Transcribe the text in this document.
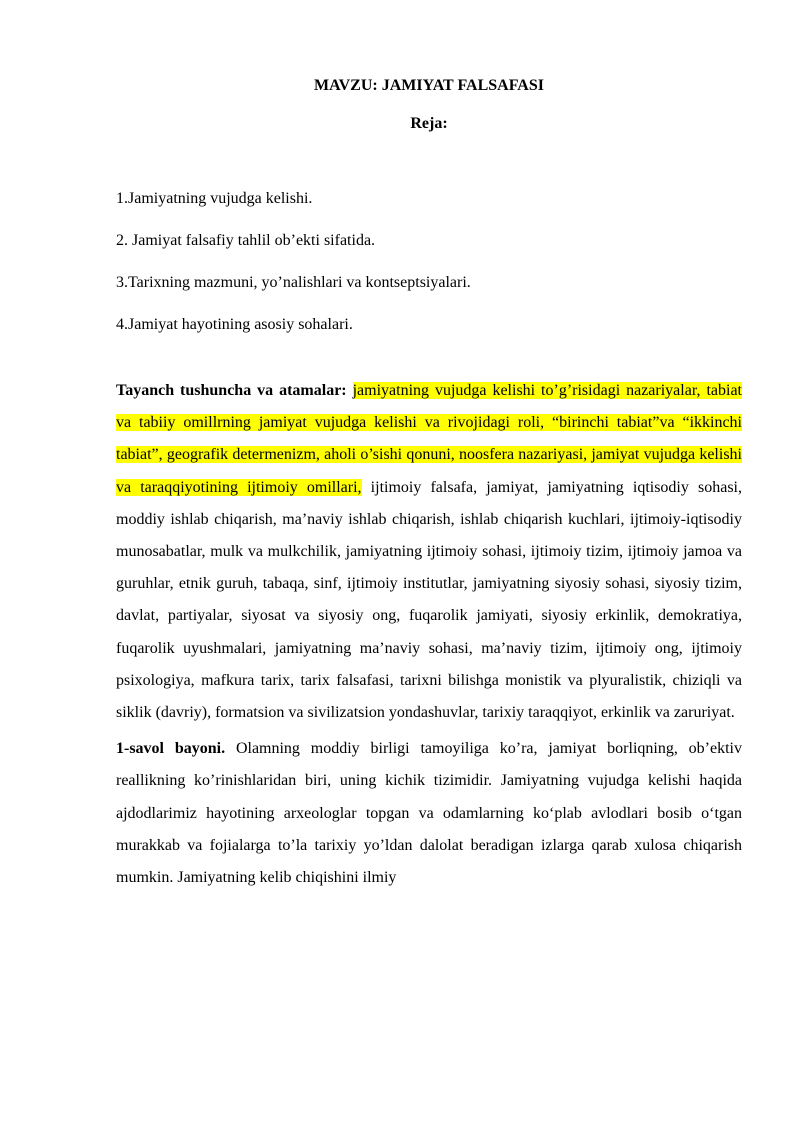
MAVZU: JAMIYAT FALSAFASI
Reja:
1.Jamiyatning vujudga kelishi.
2. Jamiyat falsafiy tahlil ob’ekti sifatida.
3.Tarixning mazmuni, yo’nalishlari va kontseptsiyalari.
4.Jamiyat hayotining asosiy sohalari.

Tayanch tushuncha va atamalar: jamiyatning vujudga kelishi to’g’risidagi nazariyalar, tabiat va tabiiy omillrning jamiyat vujudga kelishi va rivojidagi roli, “birinchi tabiat”va “ikkinchi tabiat”, geografik determenizm, aholi o’sishi qonuni, noosfera nazariyasi, jamiyat vujudga kelishi va taraqqiyotining ijtimoiy omillari, ijtimoiy falsafa, jamiyat, jamiyatning iqtisodiy sohasi, moddiy ishlab chiqarish, ma’naviy ishlab chiqarish, ishlab chiqarish kuchlari, ijtimoiy-iqtisodiy munosabatlar, mulk va mulkchilik, jamiyatning ijtimoiy sohasi, ijtimoiy tizim, ijtimoiy jamoa va guruhlar, etnik guruh, tabaqa, sinf, ijtimoiy institutlar, jamiyatning siyosiy sohasi, siyosiy tizim, davlat, partiyalar, siyosat va siyosiy ong, fuqarolik jamiyati, siyosiy erkinlik, demokratiya, fuqarolik uyushmalari, jamiyatning ma’naviy sohasi, ma’naviy tizim, ijtimoiy ong, ijtimoiy psixologiya, mafkura tarix, tarix falsafasi, tarixni bilishga monistik va plyuralistik, chiziqli va siklik (davriy), formatsion va sivilizatsion yondashuvlar, tarixiy taraqqiyot, erkinlik va zaruriyat.

1-savol bayoni. Olamning moddiy birligi tamoyiliga ko’ra, jamiyat borliqning, ob’ektiv reallikning ko’rinishlaridan biri, uning kichik tizimidir. Jamiyatning vujudga kelishi haqida ajdodlarimiz hayotining arxeologlar topgan va odamlarning ko‘plab avlodlari bosib o‘tgan murakkab va fojialarga to’la tarixiy yo’ldan dalolat beradigan izlarga qarab xulosa chiqarish mumkin. Jamiyatning kelib chiqishini ilmiy
